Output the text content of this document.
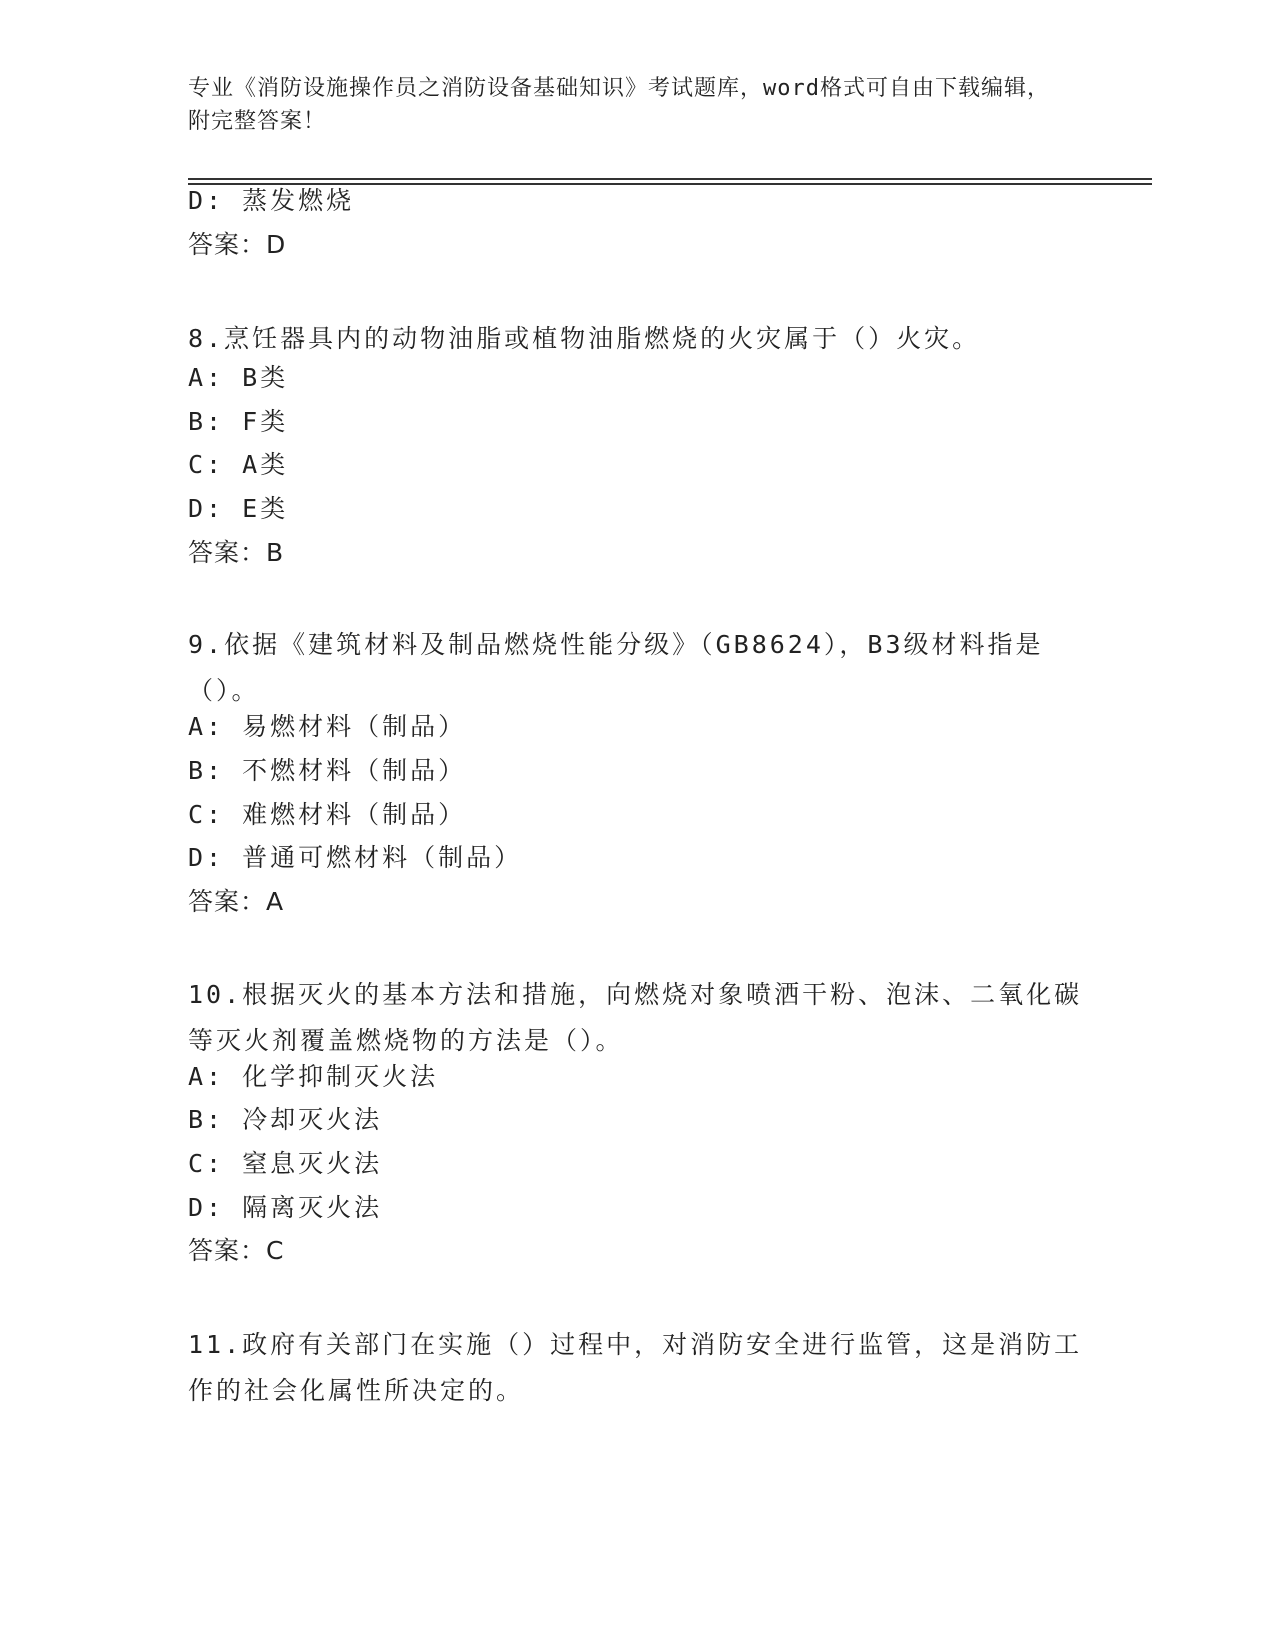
专业《消防设施操作员之消防设备基础知识》考试题库，word格式可自由下载编辑，附完整答案！
D: 蒸发燃烧
答案：D
8.烹饪器具内的动物油脂或植物油脂燃烧的火灾属于（）火灾。
A: B类
B: F类
C: A类
D: E类
答案：B
9.依据《建筑材料及制品燃烧性能分级》（GB8624），B3级材料指是（）。
A: 易燃材料（制品）
B: 不燃材料（制品）
C: 难燃材料（制品）
D: 普通可燃材料（制品）
答案：A
10.根据灭火的基本方法和措施，向燃烧对象喷洒干粉、泡沫、二氧化碳等灭火剂覆盖燃烧物的方法是（）。
A: 化学抑制灭火法
B: 冷却灭火法
C: 窒息灭火法
D: 隔离灭火法
答案：C
11.政府有关部门在实施（）过程中，对消防安全进行监管，这是消防工作的社会化属性所决定的。
